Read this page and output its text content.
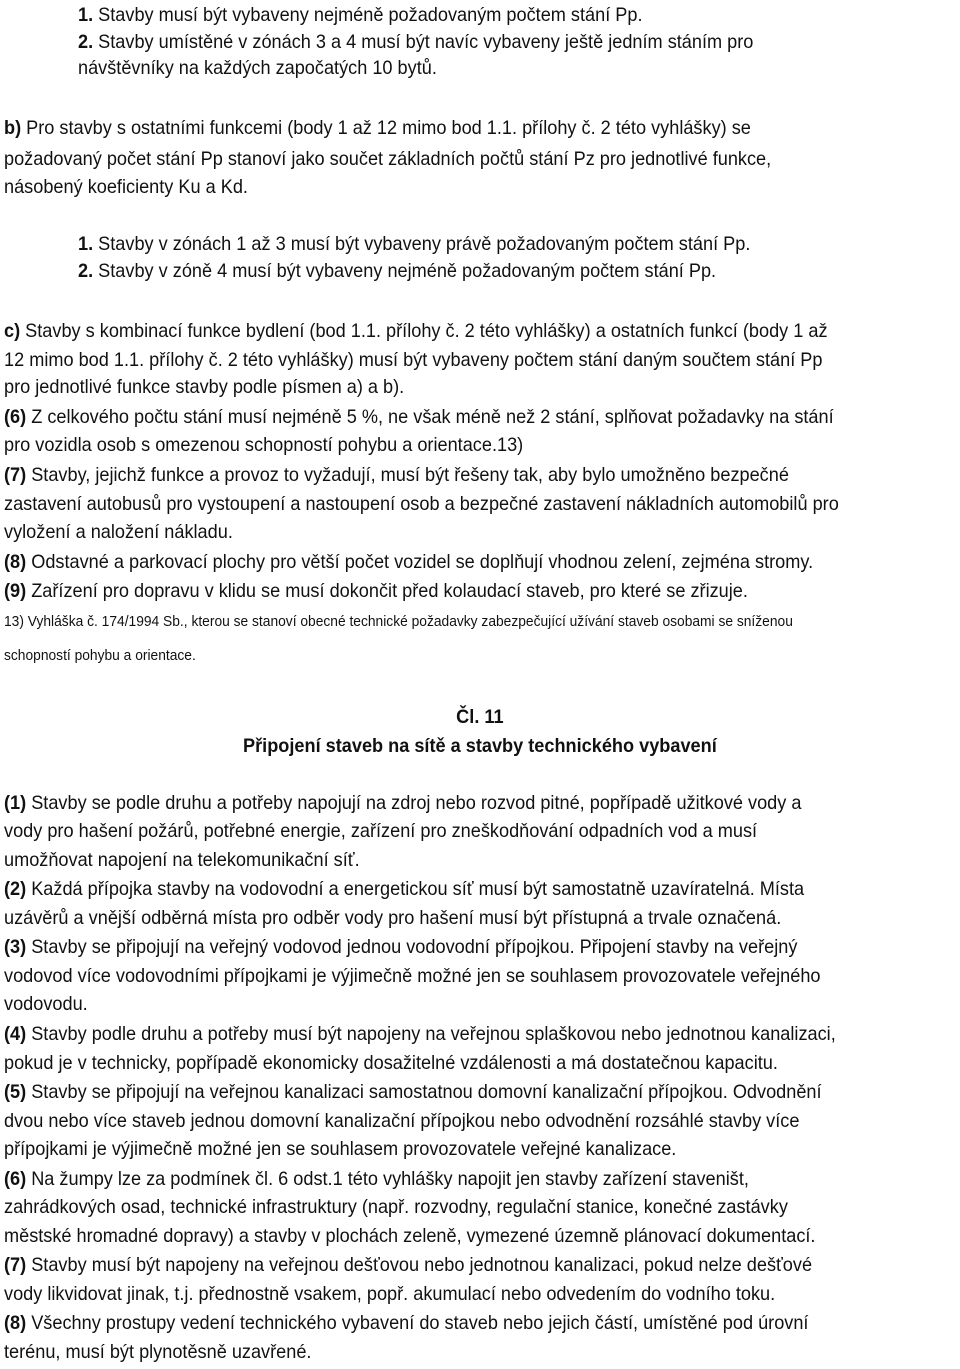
1. Stavby musí být vybaveny nejméně požadovaným počtem stání Pp.
2. Stavby umístěné v zónách 3 a 4 musí být navíc vybaveny ještě jedním stáním pro
návštěvníky na každých započatých 10 bytů.
b) Pro stavby s ostatními funkcemi (body 1 až 12 mimo bod 1.1. přílohy č. 2 této vyhlášky) se
požadovaný počet stání Pp stanoví jako součet základních počtů stání Pz pro jednotlivé funkce,
násobený koeficienty Ku a Kd.
1. Stavby v zónách 1 až 3 musí být vybaveny právě požadovaným počtem stání Pp.
2. Stavby v zóně 4 musí být vybaveny nejméně požadovaným počtem stání Pp.
c) Stavby s kombinací funkce bydlení (bod 1.1. přílohy č. 2 této vyhlášky) a ostatních funkcí (body 1 až
12 mimo bod 1.1. přílohy č. 2 této vyhlášky) musí být vybaveny počtem stání daným součtem stání Pp
pro jednotlivé funkce stavby podle písmen a) a b).
(6) Z celkového počtu stání musí nejméně 5 %, ne však méně než 2 stání, splňovat požadavky na stání
pro vozidla osob s omezenou schopností pohybu a orientace.13)
(7) Stavby, jejichž funkce a provoz to vyžadují, musí být řešeny tak, aby bylo umožněno bezpečné
zastavení autobusů pro vystoupení a nastoupení osob a bezpečné zastavení nákladních automobilů pro
vyložení a naložení nákladu.
(8) Odstavné a parkovací plochy pro větší počet vozidel se doplňují vhodnou zelení, zejména stromy.
(9) Zařízení pro dopravu v klidu se musí dokončit před kolaudací staveb, pro které se zřizuje.
13) Vyhláška č. 174/1994 Sb., kterou se stanoví obecné technické požadavky zabezpečující užívání staveb osobami se sníženou
schopností pohybu a orientace.
Čl. 11
Připojení staveb na sítě a stavby technického vybavení
(1) Stavby se podle druhu a potřeby napojují na zdroj nebo rozvod pitné, popřípadě užitkové vody a
vody pro hašení požárů, potřebné energie, zařízení pro zneškodňování odpadních vod a musí
umožňovat napojení na telekomunikační síť.
(2) Každá přípojka stavby na vodovodní a energetickou síť musí být samostatně uzavíratelná. Místa
uzávěrů a vnější odběrná místa pro odběr vody pro hašení musí být přístupná a trvale označená.
(3) Stavby se připojují na veřejný vodovod jednou vodovodní přípojkou. Připojení stavby na veřejný
vodovod více vodovodními přípojkami je výjimečně možné jen se souhlasem provozovatele veřejného
vodovodu.
(4) Stavby podle druhu a potřeby musí být napojeny na veřejnou splaškovou nebo jednotnou kanalizaci,
pokud je v technicky, popřípadě ekonomicky dosažitelné vzdálenosti a má dostatečnou kapacitu.
(5) Stavby se připojují na veřejnou kanalizaci samostatnou domovní kanalizační přípojkou. Odvodnění
dvou nebo více staveb jednou domovní kanalizační přípojkou nebo odvodnění rozsáhlé stavby více
přípojkami je výjimečně možné jen se souhlasem provozovatele veřejné kanalizace.
(6) Na žumpy lze za podmínek čl. 6 odst.1 této vyhlášky napojit jen stavby zařízení staveništ,
zahrádkových osad, technické infrastruktury (např. rozvodny, regulační stanice, konečné zastávky
městské hromadné dopravy) a stavby v plochách zeleně, vymezené územně plánovací dokumentací.
(7) Stavby musí být napojeny na veřejnou dešťovou nebo jednotnou kanalizaci, pokud nelze dešťové
vody likvidovat jinak, t.j. přednostně vsakem, popř. akumulací nebo odvedením do vodního toku.
(8) Všechny prostupy vedení technického vybavení do staveb nebo jejich částí, umístěné pod úrovní
terénu, musí být plynotěsně uzavřené.
